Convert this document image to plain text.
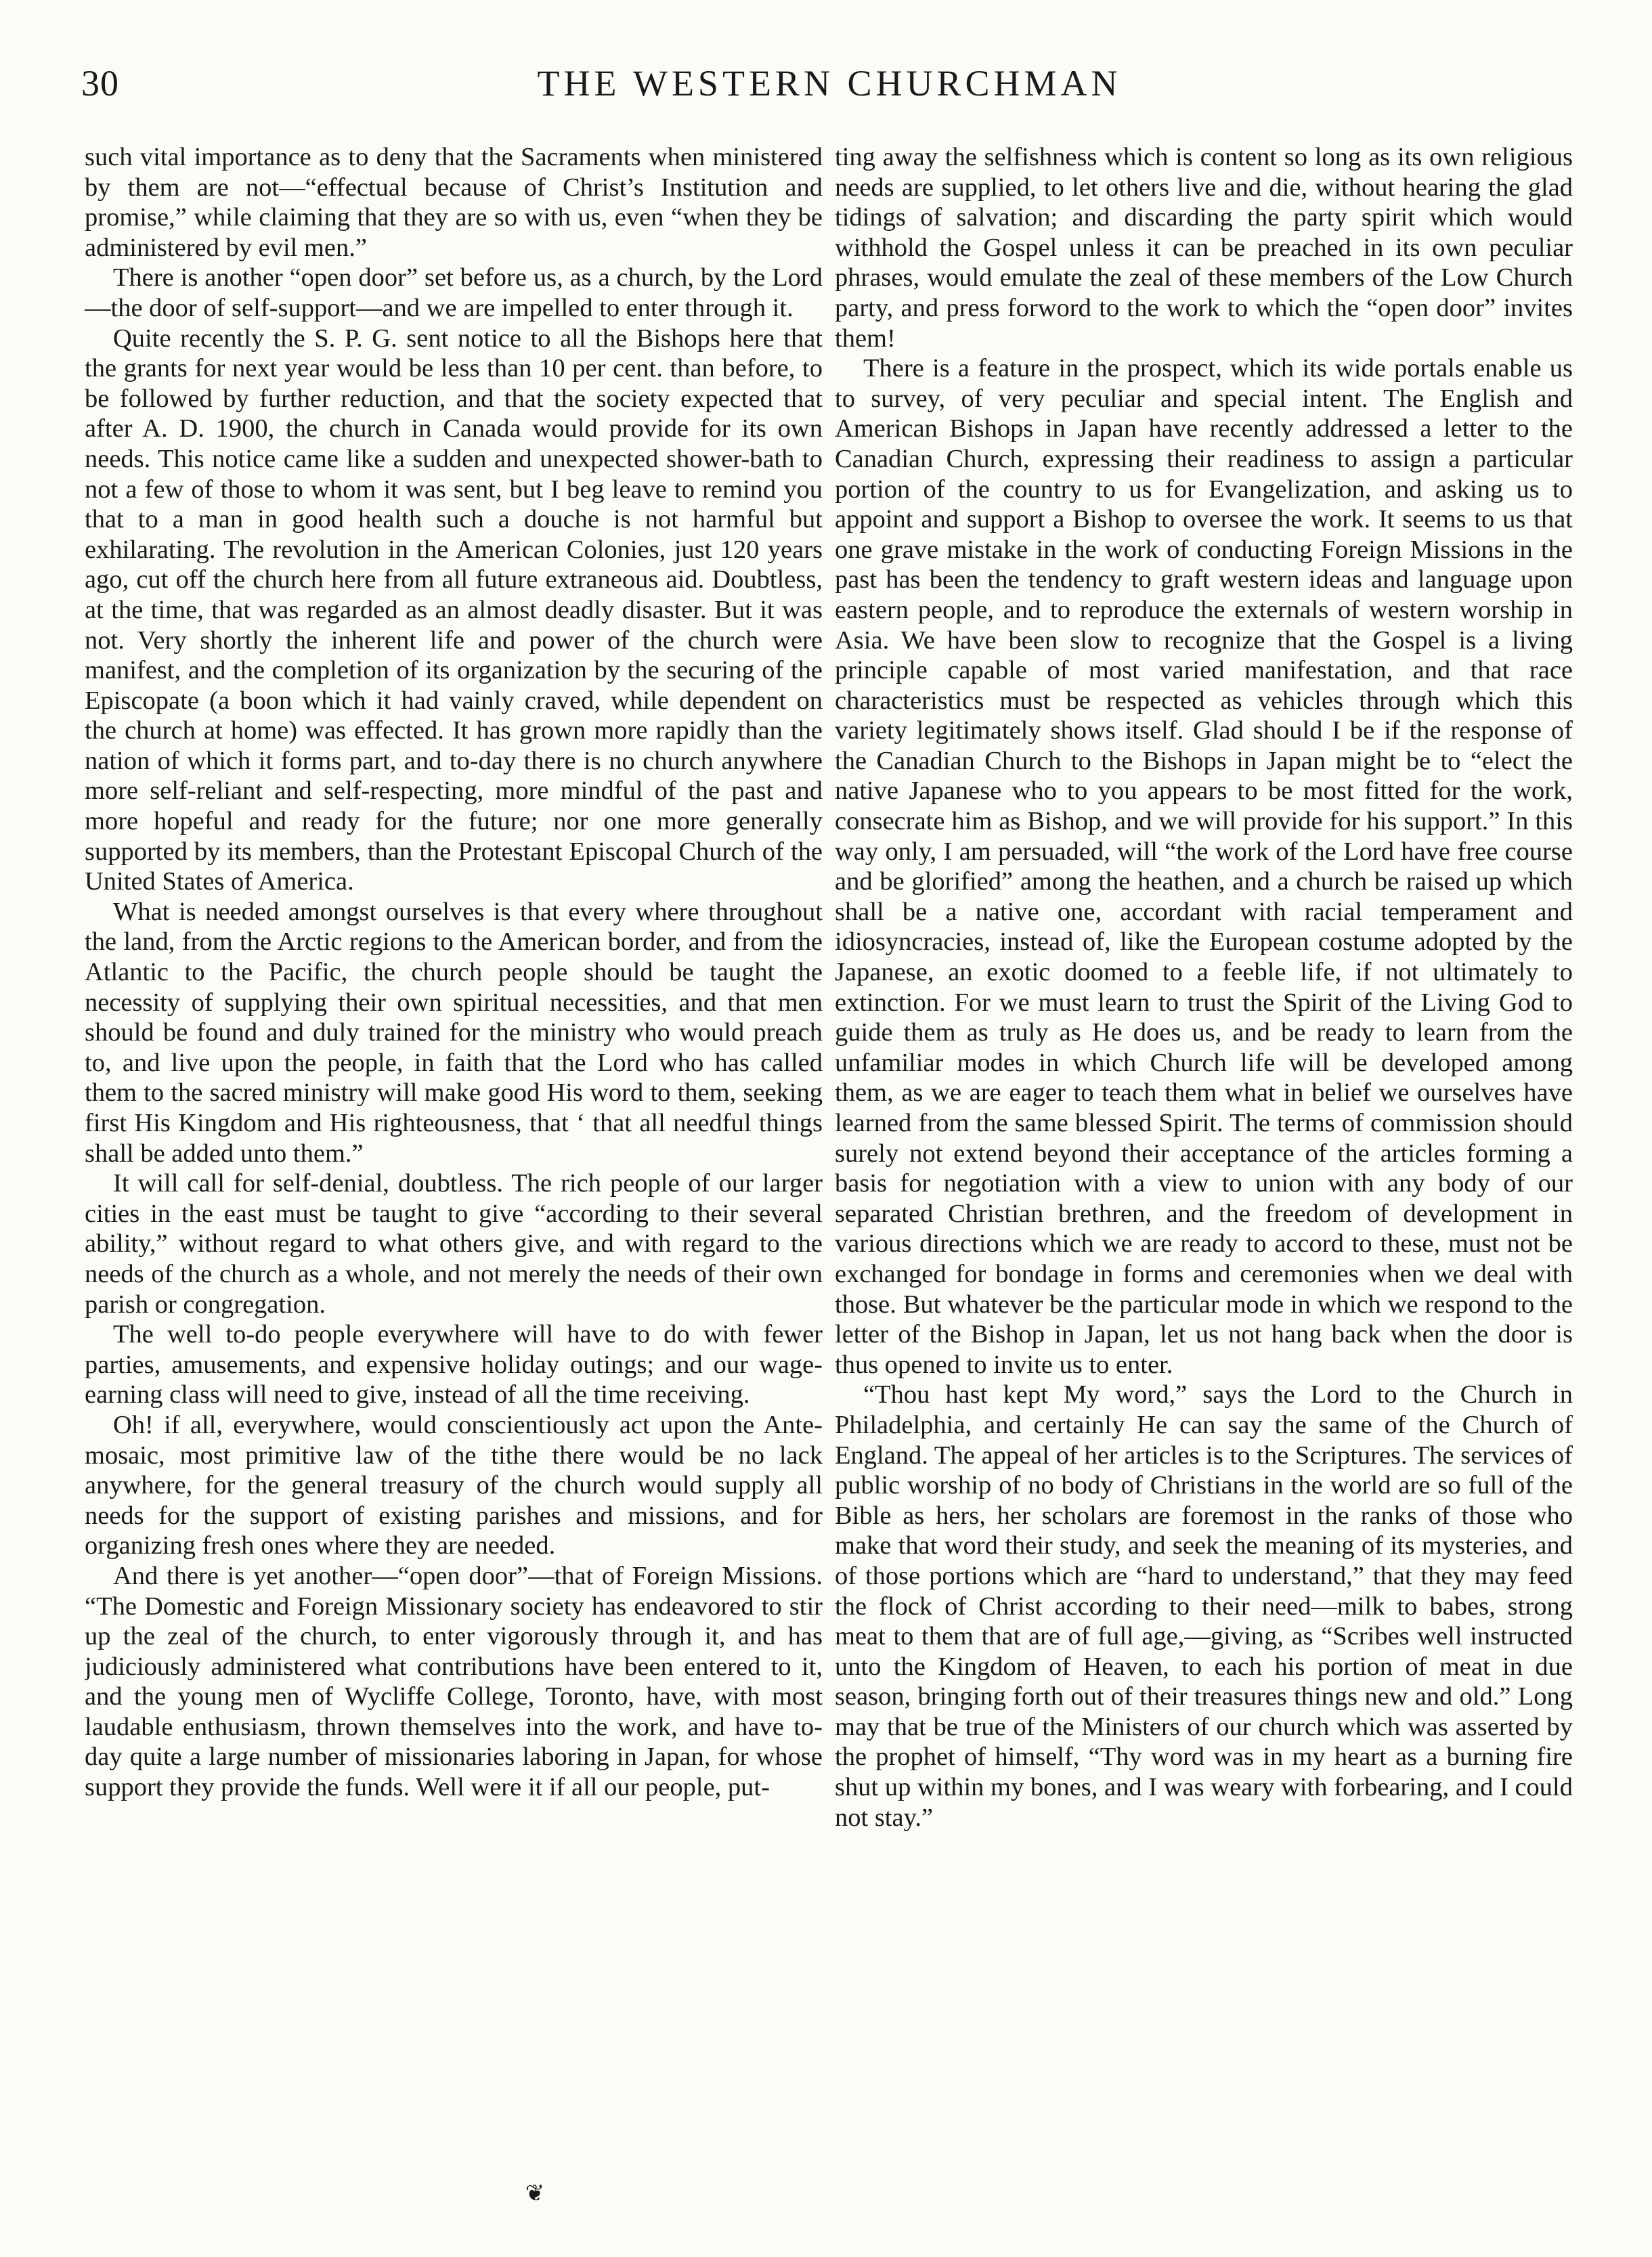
30	THE WESTERN CHURCHMAN

such vital importance as to deny that the Sacraments when ministered by them are not—“effectual because of Christ’s Institution and promise,” while claiming that they are so with us, even “when they be administered by evil men.”

There is another “open door” set before us, as a church, by the Lord—the door of self-support—and we are impelled to enter through it.

Quite recently the S. P. G. sent notice to all the Bishops here that the grants for next year would be less than 10 per cent. than before, to be followed by further reduction, and that the society expected that after A. D. 1900, the church in Canada would provide for its own needs. This notice came like a sudden and unexpected shower-bath to not a few of those to whom it was sent, but I beg leave to remind you that to a man in good health such a douche is not harmful but exhilarating. The revolution in the American Colonies, just 120 years ago, cut off the church here from all future extraneous aid. Doubtless, at the time, that was regarded as an almost deadly disaster. But it was not. Very shortly the inherent life and power of the church were manifest, and the completion of its organization by the securing of the Episcopate (a boon which it had vainly craved, while dependent on the church at home) was effected. It has grown more rapidly than the nation of which it forms part, and to-day there is no church anywhere more self-reliant and self-respecting, more mindful of the past and more hopeful and ready for the future; nor one more generally supported by its members, than the Protestant Episcopal Church of the United States of America.

What is needed amongst ourselves is that every where throughout the land, from the Arctic regions to the American border, and from the Atlantic to the Pacific, the church people should be taught the necessity of supplying their own spiritual necessities, and that men should be found and duly trained for the ministry who would preach to, and live upon the people, in faith that the Lord who has called them to the sacred ministry will make good His word to them, seeking first His Kingdom and His righteousness, that ‘ that all needful things shall be added unto them.”

It will call for self-denial, doubtless. The rich people of our larger cities in the east must be taught to give “according to their several ability,” without regard to what others give, and with regard to the needs of the church as a whole, and not merely the needs of their own parish or congregation.

The well to-do people everywhere will have to do with fewer parties, amusements, and expensive holiday outings; and our wage-earning class will need to give, instead of all the time receiving.

Oh! if all, everywhere, would conscientiously act upon the Ante-mosaic, most primitive law of the tithe there would be no lack anywhere, for the general treasury of the church would supply all needs for the support of existing parishes and missions, and for organizing fresh ones where they are needed.

And there is yet another—“open door”—that of Foreign Missions. “The Domestic and Foreign Missionary society has endeavored to stir up the zeal of the church, to enter vigorously through it, and has judiciously administered what contributions have been entered to it, and the young men of Wycliffe College, Toronto, have, with most laudable enthusiasm, thrown themselves into the work, and have to-day quite a large number of missionaries laboring in Japan, for whose support they provide the funds. Well were it if all our people, put-

ting away the selfishness which is content so long as its own religious needs are supplied, to let others live and die, without hearing the glad tidings of salvation; and discarding the party spirit which would withhold the Gospel unless it can be preached in its own peculiar phrases, would emulate the zeal of these members of the Low Church party, and press forword to the work to which the “open door” invites them!

There is a feature in the prospect, which its wide portals enable us to survey, of very peculiar and special intent. The English and American Bishops in Japan have recently addressed a letter to the Canadian Church, expressing their readiness to assign a particular portion of the country to us for Evangelization, and asking us to appoint and support a Bishop to oversee the work. It seems to us that one grave mistake in the work of conducting Foreign Missions in the past has been the tendency to graft western ideas and language upon eastern people, and to reproduce the externals of western worship in Asia. We have been slow to recognize that the Gospel is a living principle capable of most varied manifestation, and that race characteristics must be respected as vehicles through which this variety legitimately shows itself. Glad should I be if the response of the Canadian Church to the Bishops in Japan might be to “elect the native Japanese who to you appears to be most fitted for the work, consecrate him as Bishop, and we will provide for his support.” In this way only, I am persuaded, will “the work of the Lord have free course and be glorified” among the heathen, and a church be raised up which shall be a native one, accordant with racial temperament and idiosyncracies, instead of, like the European costume adopted by the Japanese, an exotic doomed to a feeble life, if not ultimately to extinction. For we must learn to trust the Spirit of the Living God to guide them as truly as He does us, and be ready to learn from the unfamiliar modes in which Church life will be developed among them, as we are eager to teach them what in belief we ourselves have learned from the same blessed Spirit. The terms of commission should surely not extend beyond their acceptance of the articles forming a basis for negotiation with a view to union with any body of our separated Christian brethren, and the freedom of development in various directions which we are ready to accord to these, must not be exchanged for bondage in forms and ceremonies when we deal with those. But whatever be the particular mode in which we respond to the letter of the Bishop in Japan, let us not hang back when the door is thus opened to invite us to enter.

“Thou hast kept My word,” says the Lord to the Church in Philadelphia, and certainly He can say the same of the Church of England. The appeal of her articles is to the Scriptures. The services of public worship of no body of Christians in the world are so full of the Bible as hers, her scholars are foremost in the ranks of those who make that word their study, and seek the meaning of its mysteries, and of those portions which are “hard to understand,” that they may feed the flock of Christ according to their need—milk to babes, strong meat to them that are of full age,—giving, as “Scribes well instructed unto the Kingdom of Heaven, to each his portion of meat in due season, bringing forth out of their treasures things new and old.” Long may that be true of the Ministers of our church which was asserted by the prophet of himself, “Thy word was in my heart as a burning fire shut up within my bones, and I was weary with forbearing, and I could not stay.”

❦
